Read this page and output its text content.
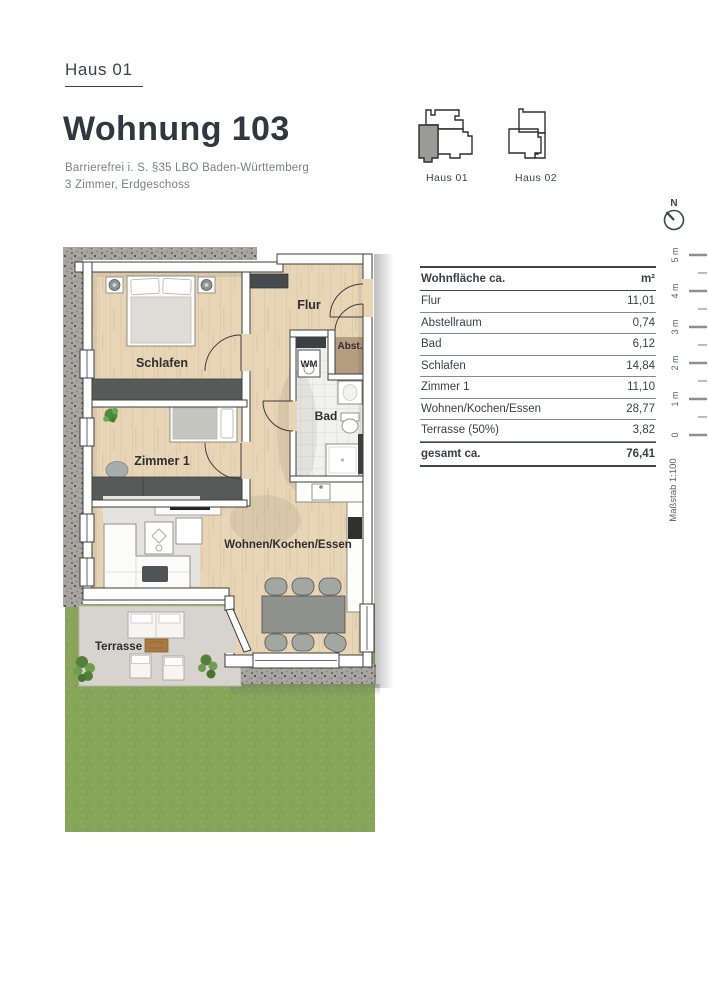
Haus 01
Wohnung 103
Barrierefrei i. S. §35 LBO Baden-Württemberg
3 Zimmer, Erdgeschoss
Haus 01	Haus 02
Wohnfläche ca.	m²
Flur	11,01
Abstellraum	0,74
Bad	6,12
Schlafen	14,84
Zimmer 1	11,10
Wohnen/Kochen/Essen	28,77
Terrasse (50%)	3,82
gesamt ca.	76,41
N
0
1 m
2 m
3 m
4 m
5 m
Maßstab 1:100
Schlafen
Zimmer 1
Flur
Abst.
WM
Bad
Wohnen/Kochen/Essen
Terrasse
